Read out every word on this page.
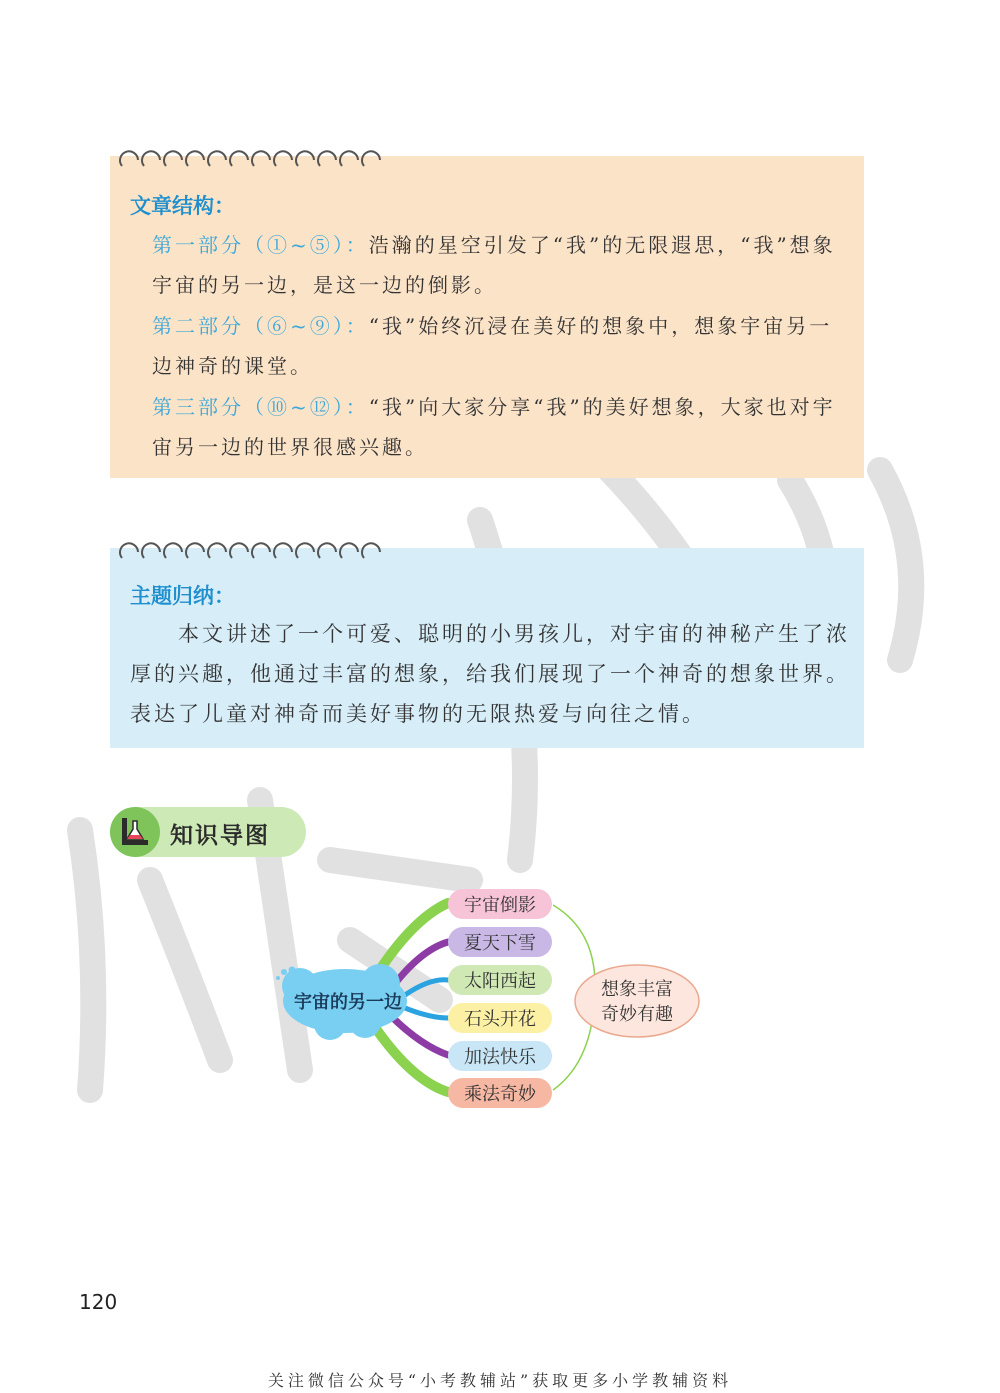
文章结构：
第一部分（①~⑤）：浩瀚的星空引发了“我”的无限遐思，“我”想象宇宙的另一边，是这一边的倒影。
第二部分（⑥~⑨）：“我”始终沉浸在美好的想象中，想象宇宙另一边神奇的课堂。
第三部分（⑩~⑫）：“我”向大家分享“我”的美好想象，大家也对宇宙另一边的世界很感兴趣。
主题归纳：
本文讲述了一个可爱、聪明的小男孩儿，对宇宙的神秘产生了浓厚的兴趣，他通过丰富的想象，给我们展现了一个神奇的想象世界。表达了儿童对神奇而美好事物的无限热爱与向往之情。
知识导图
宇宙的另一边
宇宙倒影
夏天下雪
太阳西起
石头开花
加法快乐
乘法奇妙
想象丰富
奇妙有趣
120
关注微信公众号“小考教辅站”获取更多小学教辅资料
